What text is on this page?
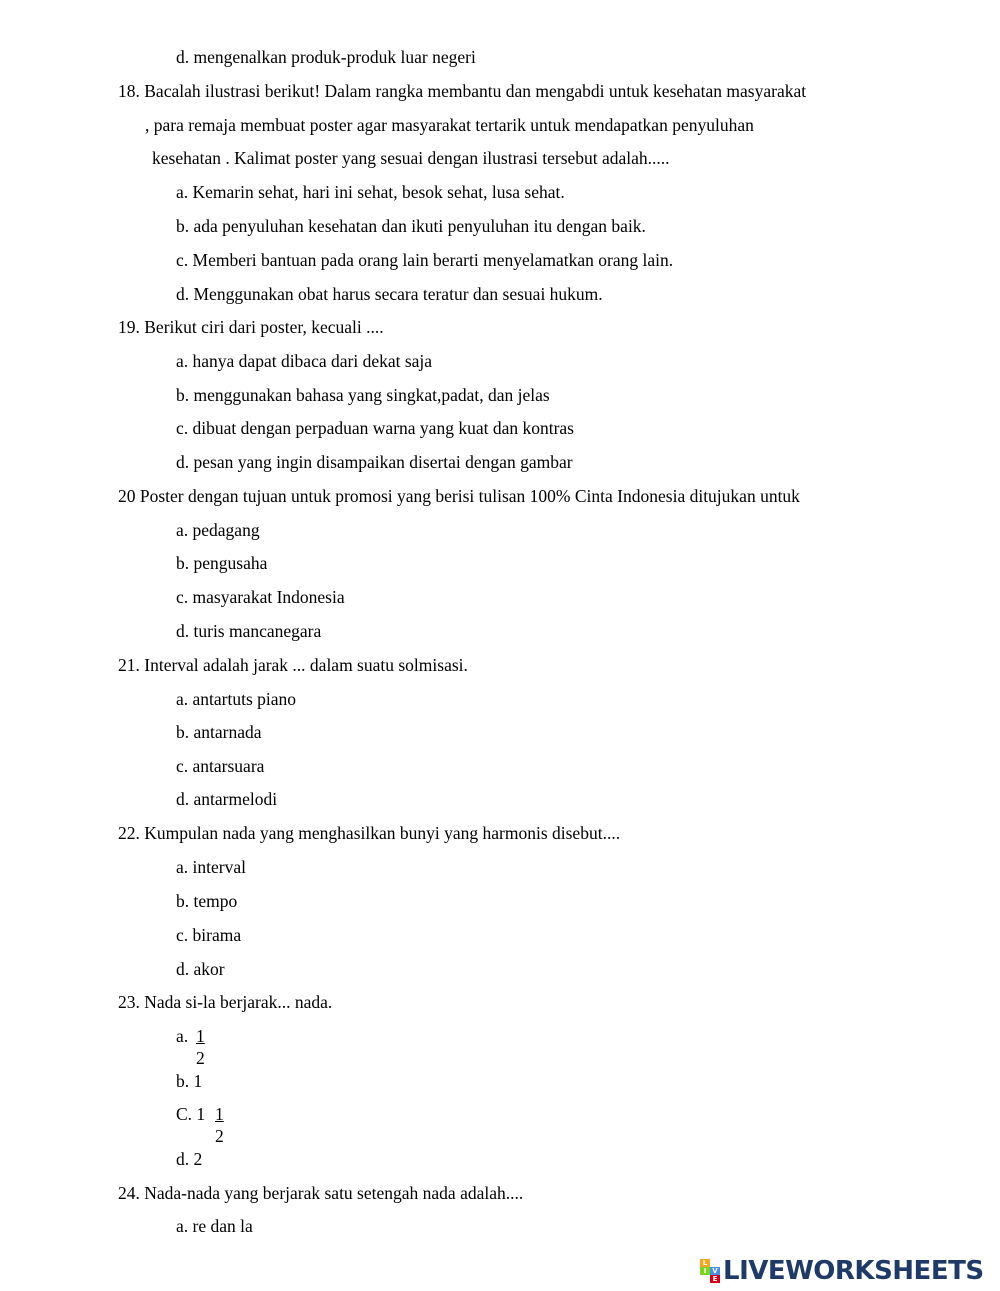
d. mengenalkan produk-produk luar negeri
18. Bacalah ilustrasi berikut! Dalam rangka membantu dan mengabdi untuk kesehatan masyarakat
, para remaja membuat poster agar masyarakat tertarik untuk mendapatkan penyuluhan
kesehatan . Kalimat poster yang sesuai dengan ilustrasi tersebut adalah.....
a. Kemarin sehat, hari ini sehat, besok sehat, lusa sehat.
b. ada penyuluhan kesehatan dan ikuti penyuluhan itu dengan baik.
c. Memberi bantuan pada orang lain berarti menyelamatkan orang lain.
d. Menggunakan obat harus secara teratur dan sesuai hukum.
19. Berikut ciri dari poster, kecuali ....
a. hanya dapat dibaca dari dekat saja
b. menggunakan bahasa yang singkat,padat, dan jelas
c. dibuat dengan perpaduan warna yang kuat dan kontras
d. pesan yang ingin disampaikan disertai dengan gambar
20 Poster dengan tujuan untuk promosi yang berisi tulisan 100% Cinta Indonesia ditujukan untuk
a. pedagang
b. pengusaha
c. masyarakat Indonesia
d. turis mancanegara
21. Interval adalah jarak ... dalam suatu solmisasi.
a. antartuts piano
b. antarnada
c. antarsuara
d. antarmelodi
22. Kumpulan nada yang menghasilkan bunyi yang harmonis disebut....
a. interval
b. tempo
c. birama
d. akor
23. Nada si-la berjarak... nada.
a. 1
2
b. 1
C. 1 1
2
d. 2
24. Nada-nada yang berjarak satu setengah nada adalah....
a. re dan la
L
I V
E LIVEWORKSHEETS
